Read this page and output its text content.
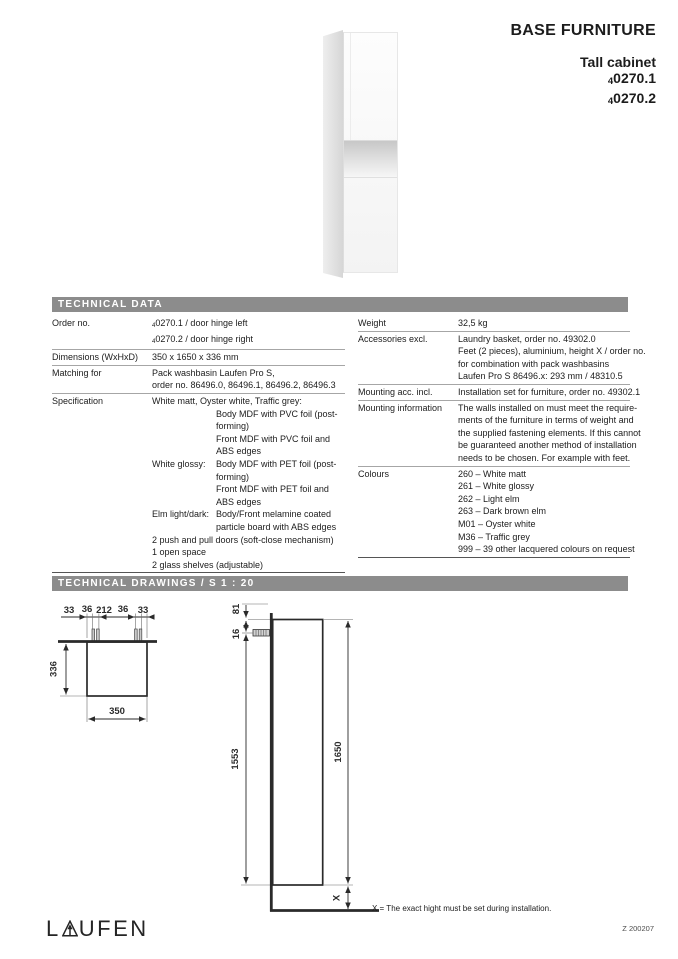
BASE FURNITURE
Tall cabinet
40270.1
40270.2
TECHNICAL DATA
Order no.	40270.1 / door hinge left
40270.2 / door hinge right
Dimensions (WxHxD)	350 x 1650 x 336 mm
Matching for	Pack washbasin Laufen Pro S,
order no. 86496.0, 86496.1, 86496.2, 86496.3
Specification	White matt, Oyster white, Traffic grey:
Body MDF with PVC foil (post-
forming)
Front MDF with PVC foil and
ABS edges
White glossy: Body MDF with PET foil (post-
forming)
Front MDF with PET foil and
ABS edges
Elm light/dark: Body/Front melamine coated
particle board with ABS edges
2 push and pull doors (soft-close mechanism)
1 open space
2 glass shelves (adjustable)
Weight	32,5 kg
Accessories excl.	Laundry basket, order no. 49302.0
Feet (2 pieces), aluminium, height X / order no.
for combination with pack washbasins
Laufen Pro S 86496.x: 293 mm / 48310.5
Mounting acc. incl.	Installation set for furniture, order no. 49302.1
Mounting information	The walls installed on must meet the require-
ments of the furniture in terms of weight and
the supplied fastening elements. If this cannot
be guaranteed another method of installation
needs to be chosen. For example with feet.
Colours	260 – White matt
261 – White glossy
262 – Light elm
263 – Dark brown elm
M01 – Oyster white
M36 – Traffic grey
999 – 39 other lacquered colours on request
TECHNICAL DRAWINGS / S 1 : 20
33 36 212 36 33
336
350
81
16
1553	1650
X
X = The exact hight must be set during installation.
L UFEN	Z 200207
